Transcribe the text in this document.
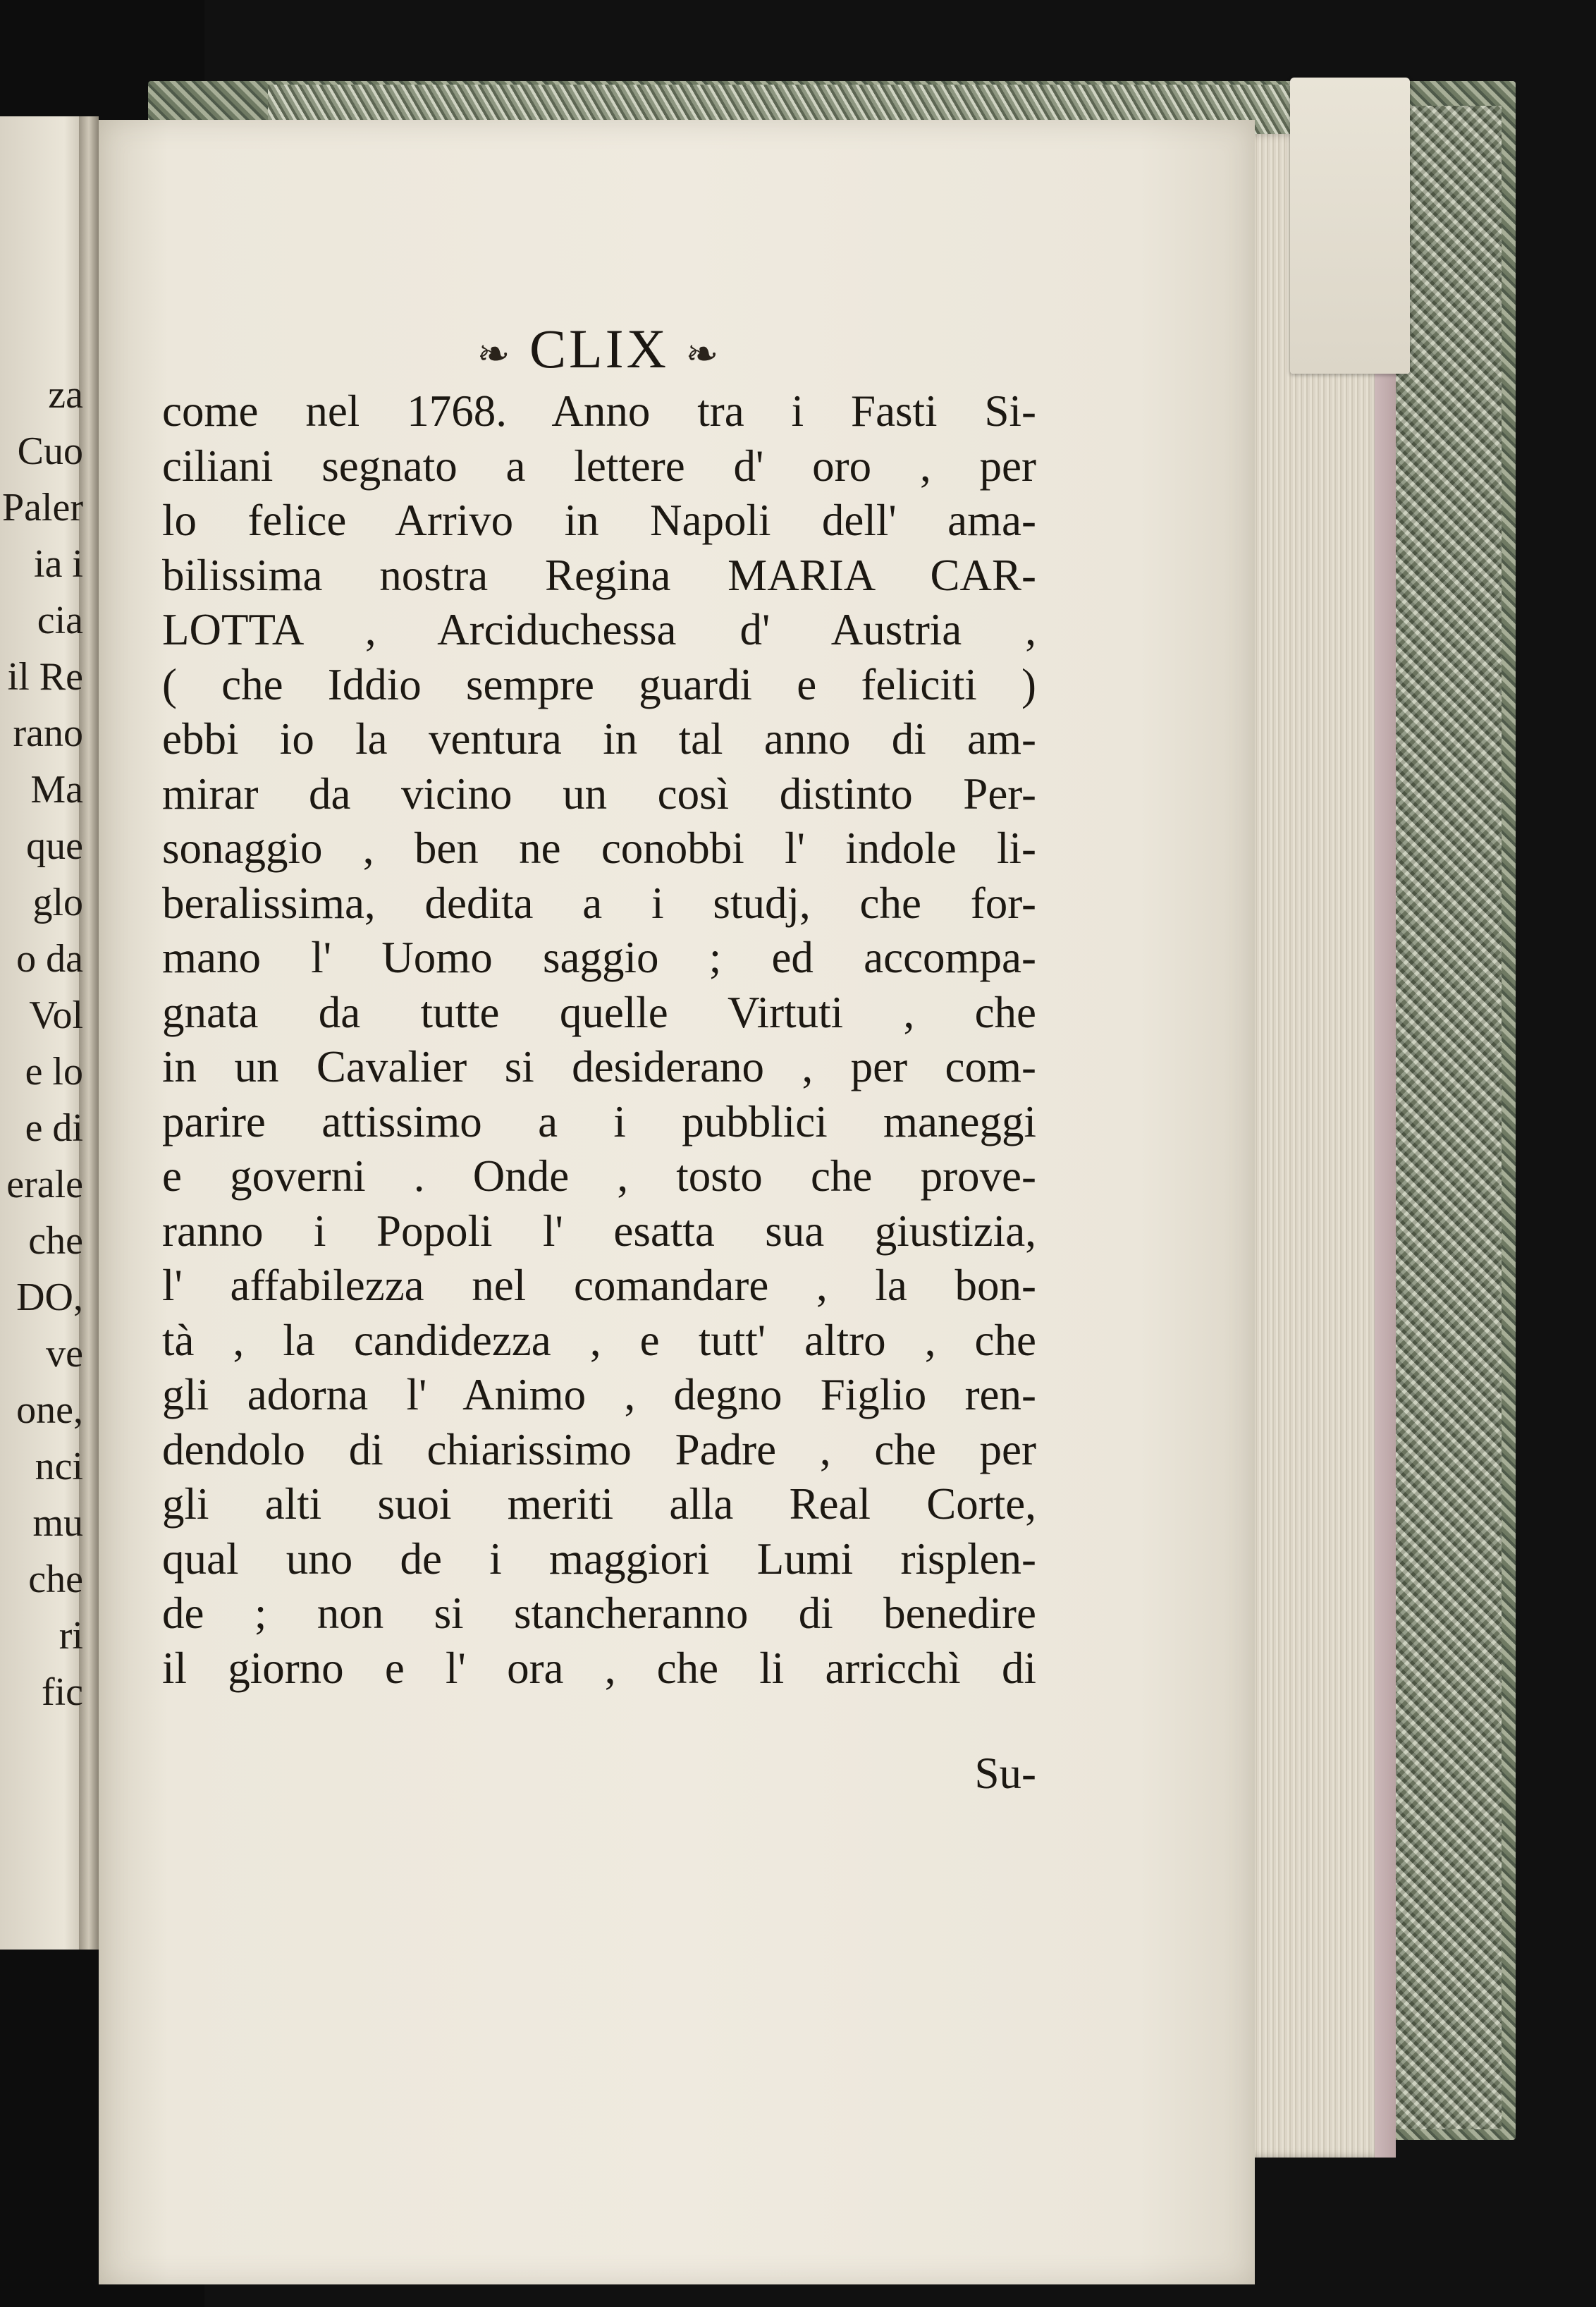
za
Cuo
Paler
ia i
cia
il Re
rano
Ma
que
glo
o da
Vol
e lo
e di
erale
che
DO,
ve
one,
nci
mu
che
ri
fic
❧ CLIX ❧
come nel 1768. Anno tra i Fasti Si-
ciliani segnato a lettere d' oro , per
lo felice Arrivo in Napoli dell' ama-
bilissima nostra Regina MARIA CAR-
LOTTA , Arciduchessa d' Austria ,
( che Iddio sempre guardi e feliciti )
ebbi io la ventura in tal anno di am-
mirar da vicino un così distinto Per-
sonaggio , ben ne conobbi l' indole li-
beralissima, dedita a i studj, che for-
mano l' Uomo saggio ; ed accompa-
gnata da tutte quelle Virtuti , che
in un Cavalier si desiderano , per com-
parire attissimo a i pubblici maneggi
e governi . Onde , tosto che prove-
ranno i Popoli l' esatta sua giustizia,
l' affabilezza nel comandare , la bon-
tà , la candidezza , e tutt' altro , che
gli adorna l' Animo , degno Figlio ren-
dendolo di chiarissimo Padre , che per
gli alti suoi meriti alla Real Corte,
qual uno de i maggiori Lumi risplen-
de ; non si stancheranno di benedire
il giorno e l' ora , che li arricchì di
Su-
